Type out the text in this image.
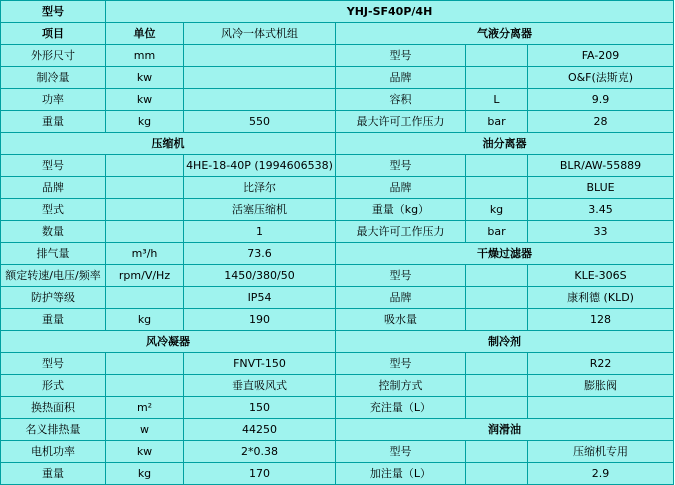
型号	YHJ-SF40P/4H				
项目	单位	风冷一体式机组	气液分离器		
外形尺寸	mm		型号		FA-209
制冷量	kw		品牌		O&F(法斯克)
功率	kw		容积	L	9.9
重量	kg	550	最大许可工作压力	bar	28
压缩机			油分离器		
型号		4HE-18-40P (1994606538)	型号		BLR/AW-55889
品牌		比泽尔	品牌		BLUE
型式		活塞压缩机	重量（kg）	kg	3.45
数量		1	最大许可工作压力	bar	33
排气量	m³/h	73.6	干燥过滤器		
额定转速/电压/频率	rpm/V/Hz	1450/380/50	型号		KLE-306S
防护等级		IP54	品牌		康利德 (KLD)
重量	kg	190	吸水量		128
风冷凝器			制冷剂		
型号		FNVT-150	型号		R22
形式		垂直吸风式	控制方式		膨胀阀
换热面积	m²	150	充注量（L）		
名义排热量	w	44250	润滑油		
电机功率	kw	2*0.38	型号		压缩机专用
重量	kg	170	加注量（L）		2.9
